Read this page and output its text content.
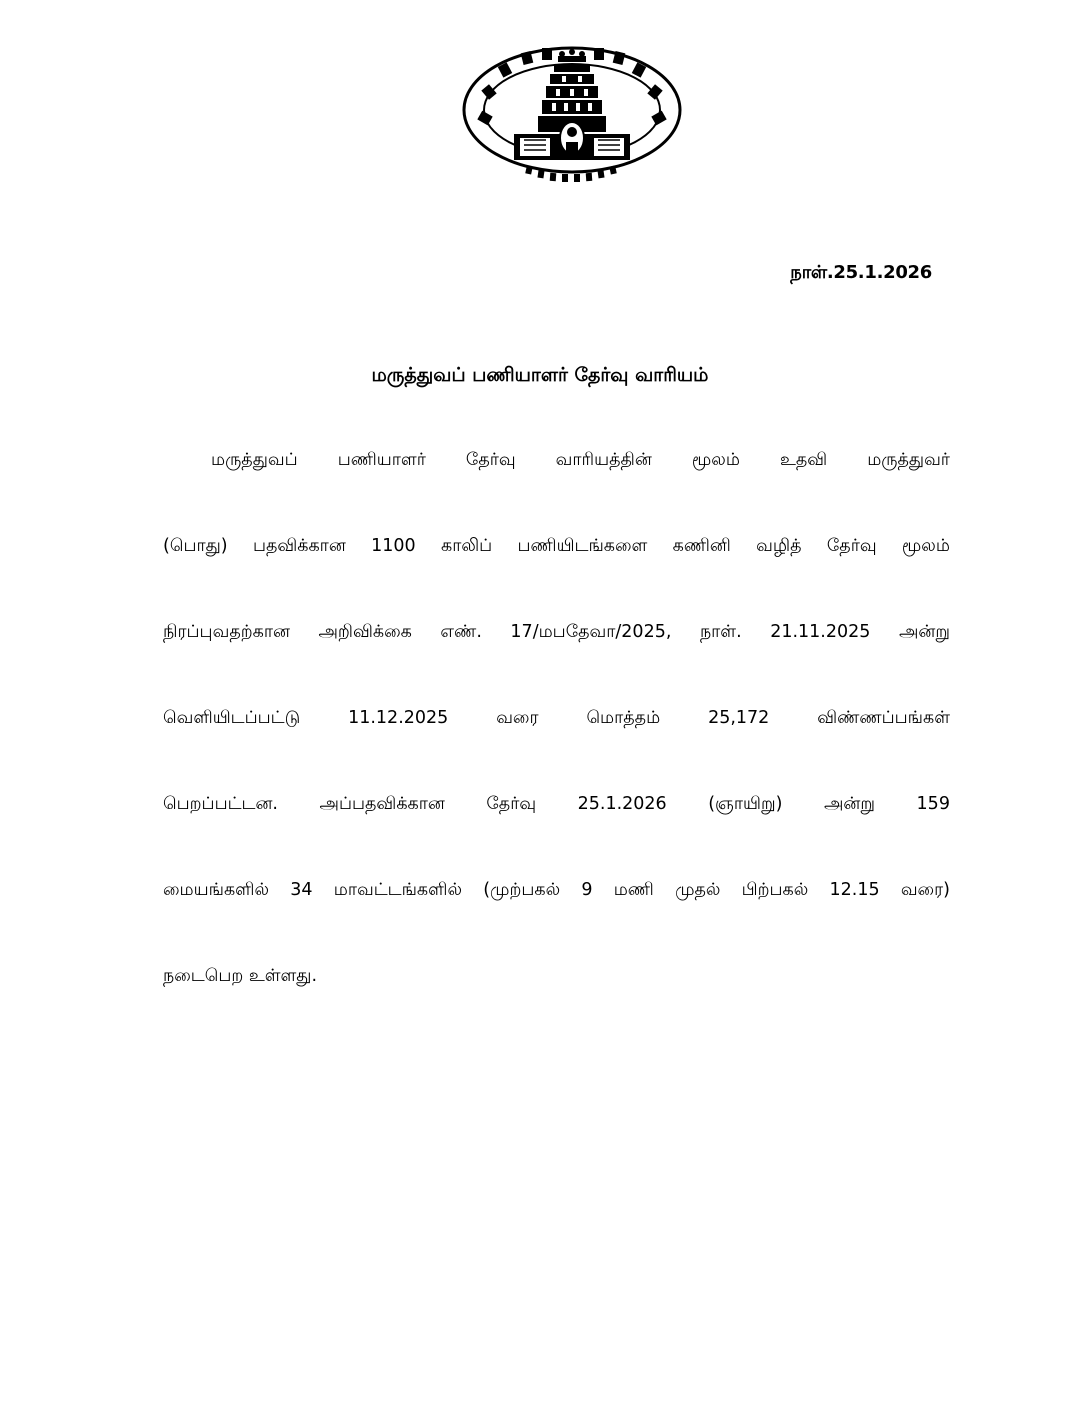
நாள்.25.1.2026
மருத்துவப் பணியாளர் தேர்வு வாரியம்
மருத்துவப் பணியாளர் தேர்வு வாரியத்தின் மூலம் உதவி மருத்துவர்
(பொது) பதவிக்கான 1100 காலிப் பணியிடங்களை கணினி வழித் தேர்வு மூலம்
நிரப்புவதற்கான அறிவிக்கை எண். 17/மபதேவா/2025, நாள். 21.11.2025 அன்று
வெளியிடப்பட்டு	11.12.2025	வரை	மொத்தம்	25,172	விண்ணப்பங்கள்
பெறப்பட்டன. அப்பதவிக்கான தேர்வு 25.1.2026 (ஞாயிறு) அன்று 159
மையங்களில் 34 மாவட்டங்களில் (முற்பகல் 9 மணி முதல் பிற்பகல் 12.15 வரை)
நடைபெற உள்ளது.
